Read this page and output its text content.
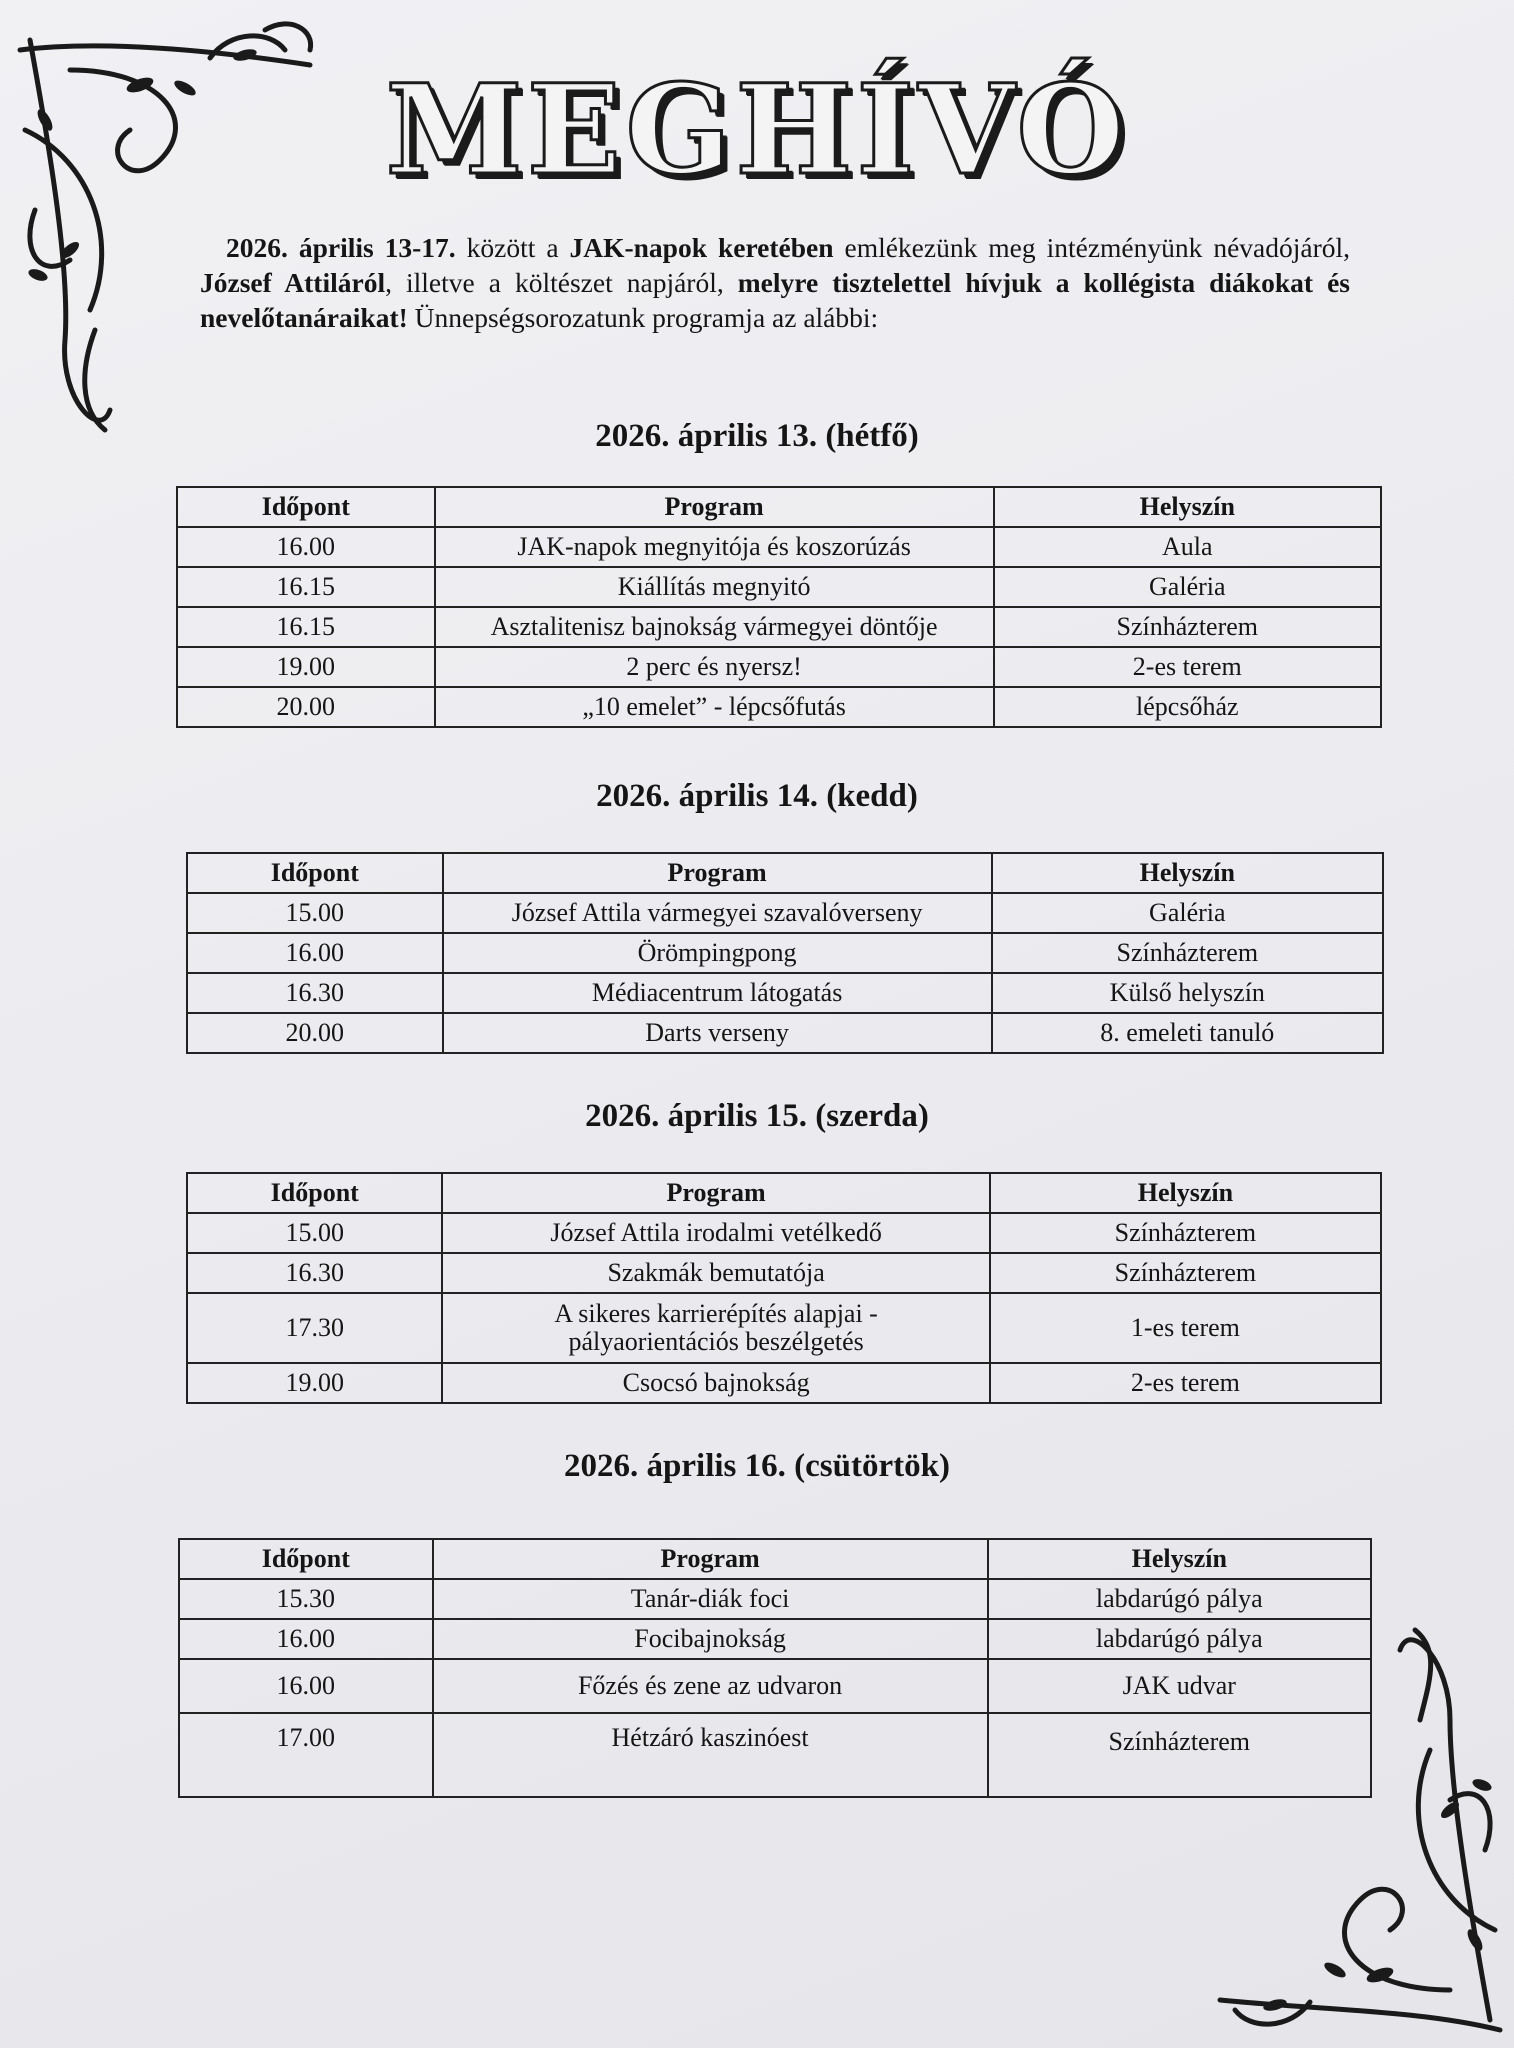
MEGHÍVÓ

2026. április 13-17. között a JAK-napok keretében emlékezünk meg intézményünk névadójáról, József Attiláról, illetve a költészet napjáról, melyre tisztelettel hívjuk a kollégista diákokat és nevelőtanáraikat! Ünnepségsorozatunk programja az alábbi:

2026. április 13. (hétfő)
Időpont	Program	Helyszín
16.00	JAK-napok megnyitója és koszorúzás	Aula
16.15	Kiállítás megnyitó	Galéria
16.15	Asztalitenisz bajnokság vármegyei döntője	Színházterem
19.00	2 perc és nyersz!	2-es terem
20.00	„10 emelet” - lépcsőfutás	lépcsőház
2026. április 14. (kedd)
Időpont	Program	Helyszín
15.00	József Attila vármegyei szavalóverseny	Galéria
16.00	Örömpingpong	Színházterem
16.30	Médiacentrum látogatás	Külső helyszín
20.00	Darts verseny	8. emeleti tanuló
2026. április 15. (szerda)
Időpont	Program	Helyszín
15.00	József Attila irodalmi vetélkedő	Színházterem
16.30	Szakmák bemutatója	Színházterem
17.30	A sikeres karrierépítés alapjai - pályaorientációs beszélgetés	1-es terem
19.00	Csocsó bajnokság	2-es terem
2026. április 16. (csütörtök)
Időpont	Program	Helyszín
15.30	Tanár-diák foci	labdarúgó pálya
16.00	Focibajnokság	labdarúgó pálya
16.00	Főzés és zene az udvaron	JAK udvar
17.00	Hétzáró kaszinóest	Színházterem
